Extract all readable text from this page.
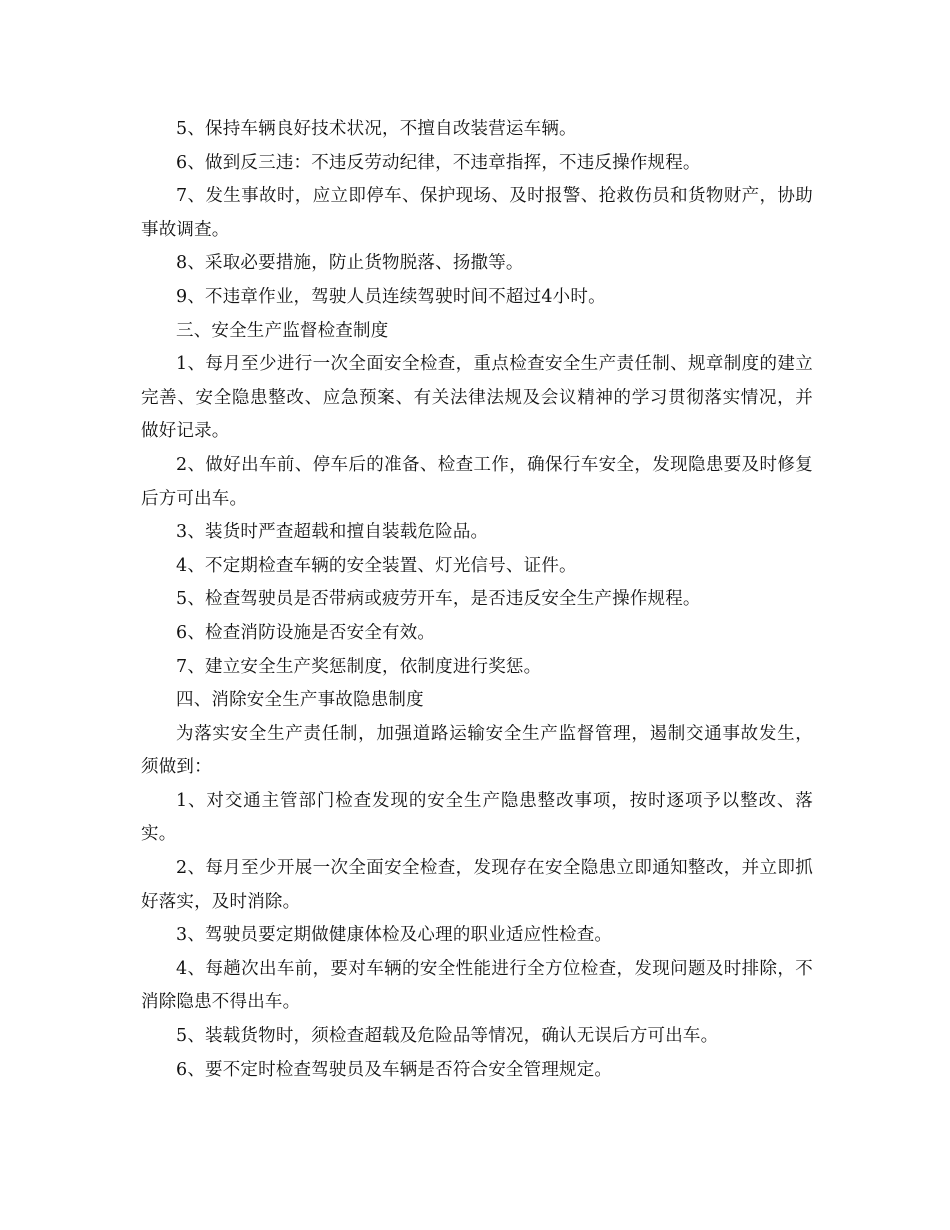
5、保持车辆良好技术状况，不擅自改装营运车辆。

6、做到反三违：不违反劳动纪律，不违章指挥，不违反操作规程。

7、发生事故时，应立即停车、保护现场、及时报警、抢救伤员和货物财产，协助事故调查。

8、采取必要措施，防止货物脱落、扬撒等。

9、不违章作业，驾驶人员连续驾驶时间不超过4小时。

三、安全生产监督检查制度

1、每月至少进行一次全面安全检查，重点检查安全生产责任制、规章制度的建立完善、安全隐患整改、应急预案、有关法律法规及会议精神的学习贯彻落实情况，并做好记录。

2、做好出车前、停车后的准备、检查工作，确保行车安全，发现隐患要及时修复后方可出车。

3、装货时严查超载和擅自装载危险品。

4、不定期检查车辆的安全装置、灯光信号、证件。

5、检查驾驶员是否带病或疲劳开车，是否违反安全生产操作规程。

6、检查消防设施是否安全有效。

7、建立安全生产奖惩制度，依制度进行奖惩。

四、消除安全生产事故隐患制度

为落实安全生产责任制，加强道路运输安全生产监督管理，遏制交通事故发生，须做到：

1、对交通主管部门检查发现的安全生产隐患整改事项，按时逐项予以整改、落实。

2、每月至少开展一次全面安全检查，发现存在安全隐患立即通知整改，并立即抓好落实，及时消除。

3、驾驶员要定期做健康体检及心理的职业适应性检查。

4、每趟次出车前，要对车辆的安全性能进行全方位检查，发现问题及时排除，不消除隐患不得出车。

5、装载货物时，须检查超载及危险品等情况，确认无误后方可出车。

6、要不定时检查驾驶员及车辆是否符合安全管理规定。
